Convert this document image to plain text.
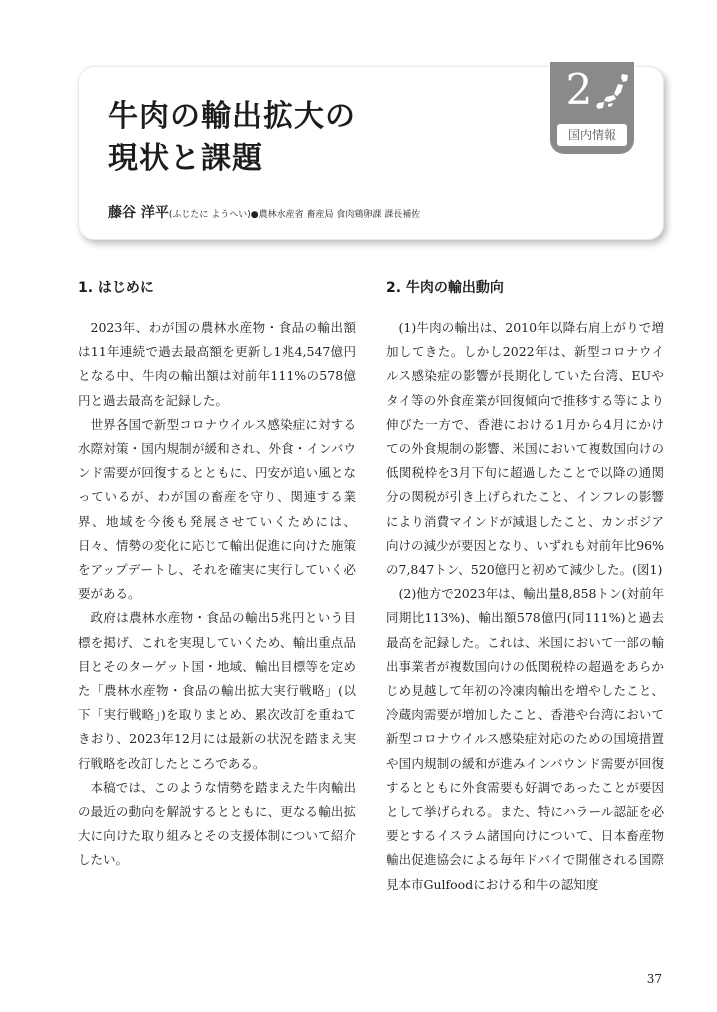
牛肉の輸出拡大の
現状と課題
藤谷 洋平(ふじたに ようへい)●農林水産省 畜産局 食肉鶏卵課 課長補佐
2
国内情報
1. はじめに

2023年、わが国の農林水産物・食品の輸出額は11年連続で過去最高額を更新し1兆4,547億円となる中、牛肉の輸出額は対前年111%の578億円と過去最高を記録した。

世界各国で新型コロナウイルス感染症に対する水際対策・国内規制が緩和され、外食・インバウンド需要が回復するとともに、円安が追い風となっているが、わが国の畜産を守り、関連する業界、地域を今後も発展させていくためには、日々、情勢の変化に応じて輸出促進に向けた施策をアップデートし、それを確実に実行していく必要がある。

政府は農林水産物・食品の輸出5兆円という目標を掲げ、これを実現していくため、輸出重点品目とそのターゲット国・地域、輸出目標等を定めた「農林水産物・食品の輸出拡大実行戦略」(以下「実行戦略」)を取りまとめ、累次改訂を重ねてきおり、2023年12月には最新の状況を踏まえ実行戦略を改訂したところである。

本稿では、このような情勢を踏まえた牛肉輸出の最近の動向を解説するとともに、更なる輸出拡大に向けた取り組みとその支援体制について紹介したい。

2. 牛肉の輸出動向

(1)牛肉の輸出は、2010年以降右肩上がりで増加してきた。しかし2022年は、新型コロナウイルス感染症の影響が長期化していた台湾、EUやタイ等の外食産業が回復傾向で推移する等により伸びた一方で、香港における1月から4月にかけての外食規制の影響、米国において複数国向けの低関税枠を3月下旬に超過したことで以降の通関分の関税が引き上げられたこと、インフレの影響により消費マインドが減退したこと、カンボジア向けの減少が要因となり、いずれも対前年比96%の7,847トン、520億円と初めて減少した。(図1)

(2)他方で2023年は、輸出量8,858トン(対前年同期比113%)、輸出額578億円(同111%)と過去最高を記録した。これは、米国において一部の輸出事業者が複数国向けの低関税枠の超過をあらかじめ見越して年初の冷凍肉輸出を増やしたこと、冷蔵肉需要が増加したこと、香港や台湾において新型コロナウイルス感染症対応のための国境措置や国内規制の緩和が進みインバウンド需要が回復するとともに外食需要も好調であったことが要因として挙げられる。また、特にハラール認証を必要とするイスラム諸国向けについて、日本畜産物輸出促進協会による毎年ドバイで開催される国際見本市Gulfoodにおける和牛の認知度

37
